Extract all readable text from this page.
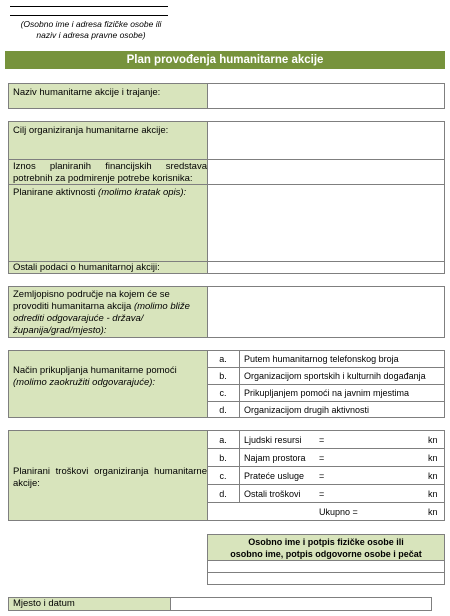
(Osobno ime i adresa fizičke osobe ili
naziv i adresa pravne osobe)
Plan provođenja humanitarne akcije
Naziv humanitarne akcije i trajanje:
Cilj organiziranja humanitarne akcije:
Iznos planiranih financijskih sredstava potrebnih za podmirenje potrebe korisnika:
Planirane aktivnosti (molimo kratak opis):
Ostali podaci o humanitarnoj akciji:
Zemljopisno područje na kojem će se provoditi humanitarna akcija (molimo bliže odrediti odgovarajuće - država/županija/grad/mjesto):
Način prikupljanja humanitarne pomoći (molimo zaokružiti odgovarajuće):
a.	Putem humanitarnog telefonskog broja
b.	Organizacijom sportskih i kulturnih događanja
c.	Prikupljanjem pomoći na javnim mjestima
d.	Organizacijom drugih aktivnosti
Planirani troškovi organiziranja humanitarne akcije:
a.	Ljudski resursi =	kn
b.	Najam prostora =	kn
c.	Prateće usluge =	kn
d.	Ostali troškovi =	kn
Ukupno =	kn
Osobno ime i potpis fizičke osobe ili
osobno ime, potpis odgovorne osobe i pečat
Mjesto i datum
